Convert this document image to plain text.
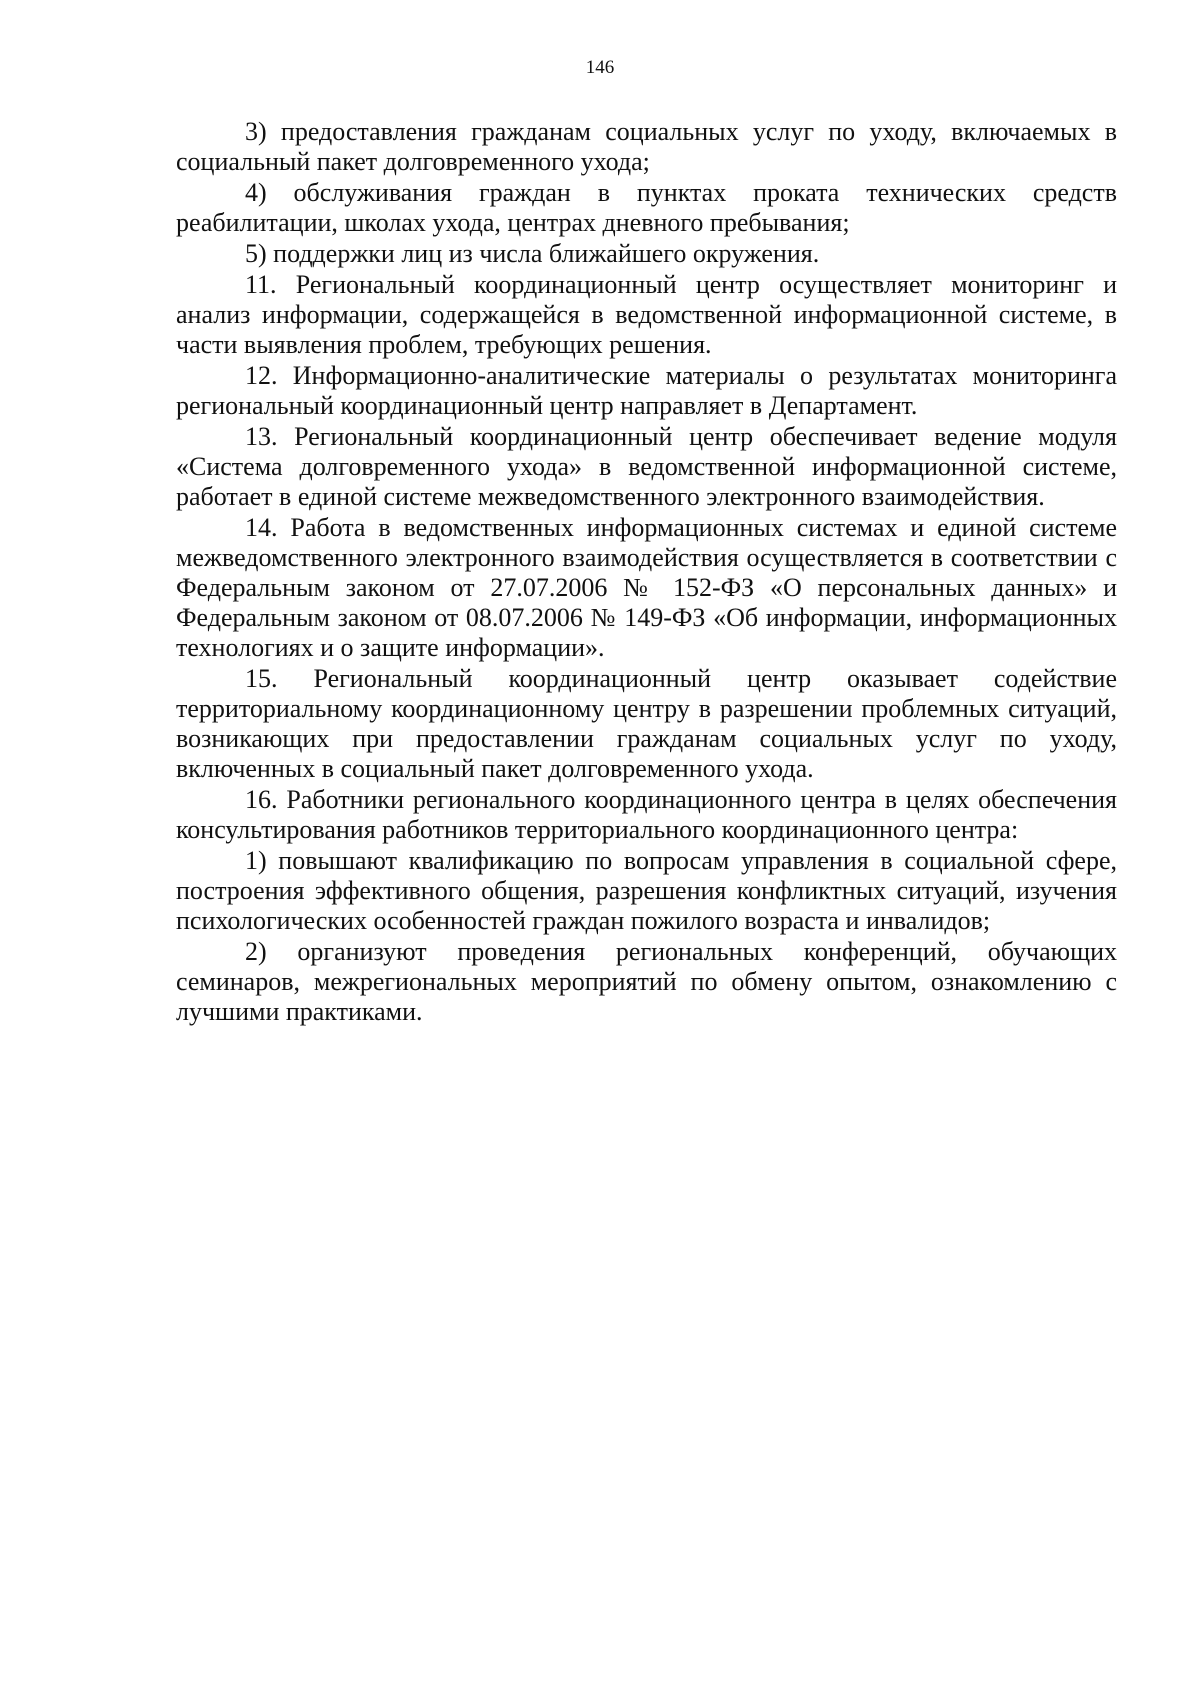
146

3) предоставления гражданам социальных услуг по уходу, включаемых в социальный пакет долговременного ухода;

4) обслуживания граждан в пунктах проката технических средств реабилитации, школах ухода, центрах дневного пребывания;

5) поддержки лиц из числа ближайшего окружения.

11. Региональный координационный центр осуществляет мониторинг и анализ информации, содержащейся в ведомственной информационной системе, в части выявления проблем, требующих решения.

12. Информационно-аналитические материалы о результатах мониторинга региональный координационный центр направляет в Департамент.

13. Региональный координационный центр обеспечивает ведение модуля «Система долговременного ухода» в ведомственной информационной системе, работает в единой системе межведомственного электронного взаимодействия.

14. Работа в ведомственных информационных системах и единой системе межведомственного электронного взаимодействия осуществляется в соответствии с Федеральным законом от 27.07.2006 № 152-ФЗ «О персональных данных» и Федеральным законом от 08.07.2006 № 149-ФЗ «Об информации, информационных технологиях и о защите информации».

15. Региональный координационный центр оказывает содействие территориальному координационному центру в разрешении проблемных ситуаций, возникающих при предоставлении гражданам социальных услуг по уходу, включенных в социальный пакет долговременного ухода.

16. Работники регионального координационного центра в целях обеспечения консультирования работников территориального координационного центра:

1) повышают квалификацию по вопросам управления в социальной сфере, построения эффективного общения, разрешения конфликтных ситуаций, изучения психологических особенностей граждан пожилого возраста и инвалидов;

2) организуют проведения региональных конференций, обучающих семинаров, межрегиональных мероприятий по обмену опытом, ознакомлению с лучшими практиками.
